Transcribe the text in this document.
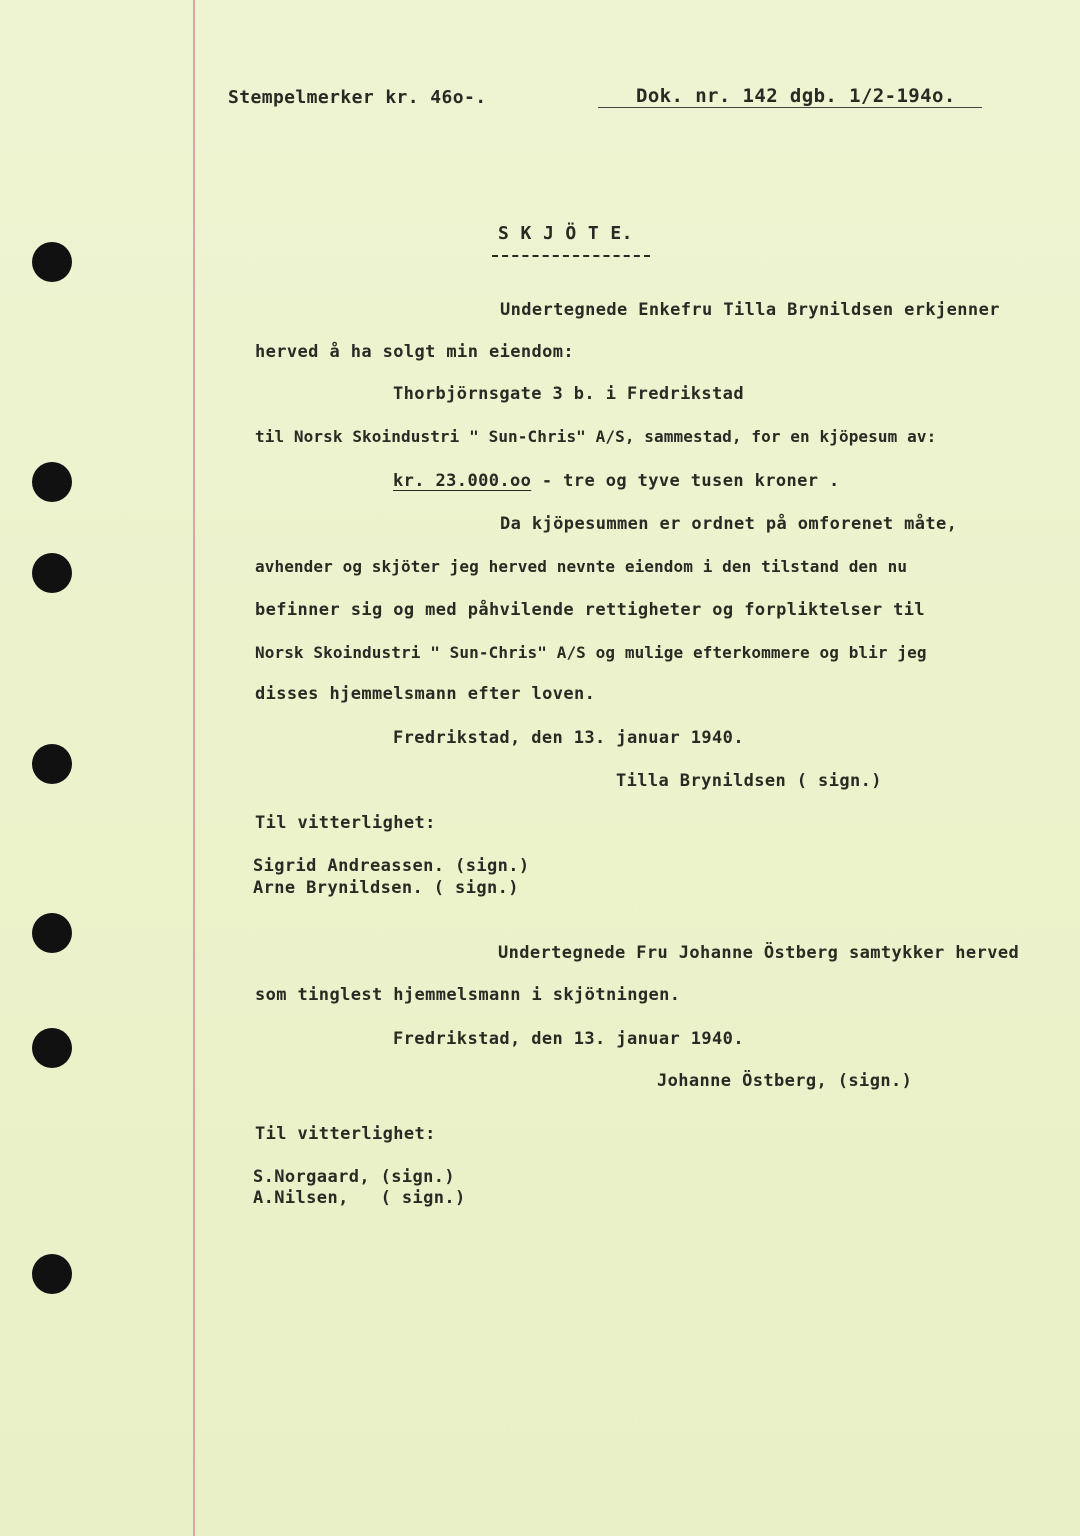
Stempelmerker kr. 46o-.	Dok. nr. 142 dgb. 1/2-194o.
S K J Ö T E.
Undertegnede Enkefru Tilla Brynildsen erkjenner
herved å ha solgt min eiendom:
Thorbjörnsgate 3 b. i Fredrikstad
til Norsk Skoindustri " Sun-Chris" A/S, sammestad, for en kjöpesum av:
kr. 23.000.oo - tre og tyve tusen kroner .
Da kjöpesummen er ordnet på omforenet måte,
avhender og skjöter jeg herved nevnte eiendom i den tilstand den nu
befinner sig og med påhvilende rettigheter og forpliktelser til
Norsk Skoindustri " Sun-Chris" A/S og mulige efterkommere og blir jeg
disses hjemmelsmann efter loven.
Fredrikstad, den 13. januar 1940.
Tilla Brynildsen ( sign.)
Til vitterlighet:
Sigrid Andreassen. (sign.)
Arne Brynildsen. ( sign.)
Undertegnede Fru Johanne Östberg samtykker herved
som tinglest hjemmelsmann i skjötningen.
Fredrikstad, den 13. januar 1940.
Johanne Östberg, (sign.)
Til vitterlighet:
S.Norgaard, (sign.)
A.Nilsen,   ( sign.)
